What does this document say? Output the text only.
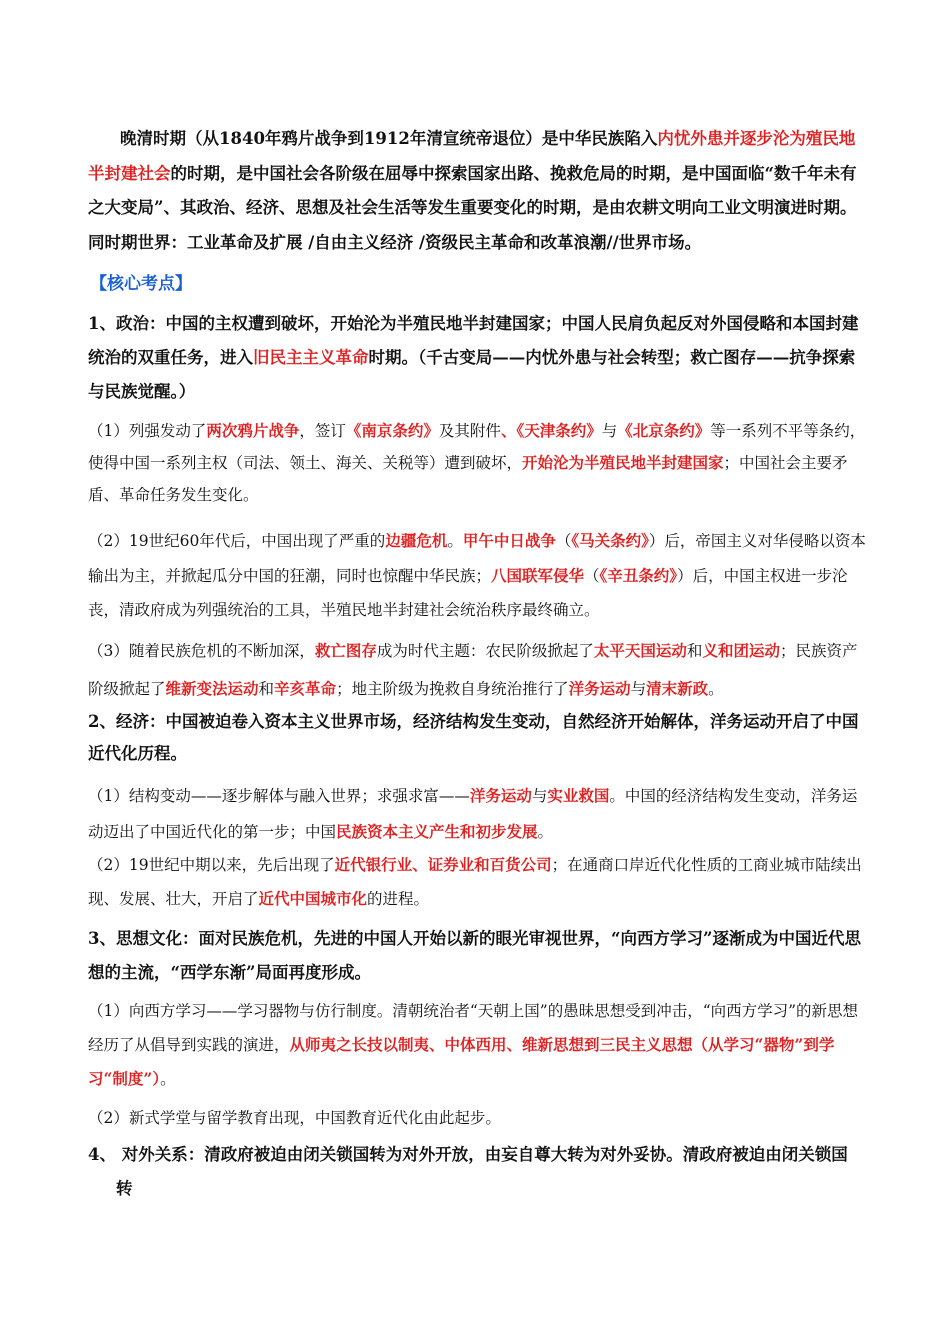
晚清时期（从1840年鸦片战争到1912年清宣统帝退位）是中华民族陷入内忧外患并逐步沦为殖民地半封建社会的时期，是中国社会各阶级在屈辱中探索国家出路、挽救危局的时期，是中国面临“数千年未有之大变局”、其政治、经济、思想及社会生活等发生重要变化的时期，是由农耕文明向工业文明演进时期。同时期世界：工业革命及扩展 /自由主义经济 /资级民主革命和改革浪潮//世界市场。

【核心考点】

1、政治：中国的主权遭到破坏，开始沦为半殖民地半封建国家；中国人民肩负起反对外国侵略和本国封建统治的双重任务，进入旧民主主义革命时期。（千古变局——内忧外患与社会转型；救亡图存——抗争探索与民族觉醒。）

（1）列强发动了两次鸦片战争，签订《南京条约》及其附件、《天津条约》与《北京条约》等一系列不平等条约，使得中国一系列主权（司法、领土、海关、关税等）遭到破坏，开始沦为半殖民地半封建国家；中国社会主要矛盾、革命任务发生变化。

（2）19世纪60年代后，中国出现了严重的边疆危机。甲午中日战争（《马关条约》）后，帝国主义对华侵略以资本输出为主，并掀起瓜分中国的狂潮，同时也惊醒中华民族；八国联军侵华（《辛丑条约》）后，中国主权进一步沦丧，清政府成为列强统治的工具，半殖民地半封建社会统治秩序最终确立。

（3）随着民族危机的不断加深，救亡图存成为时代主题：农民阶级掀起了太平天国运动和义和团运动；民族资产阶级掀起了维新变法运动和辛亥革命；地主阶级为挽救自身统治推行了洋务运动与清末新政。

2、经济：中国被迫卷入资本主义世界市场，经济结构发生变动，自然经济开始解体，洋务运动开启了中国近代化历程。

（1）结构变动——逐步解体与融入世界；求强求富——洋务运动与实业救国。中国的经济结构发生变动，洋务运动迈出了中国近代化的第一步；中国民族资本主义产生和初步发展。

（2）19世纪中期以来，先后出现了近代银行业、证券业和百货公司；在通商口岸近代化性质的工商业城市陆续出现、发展、壮大，开启了近代中国城市化的进程。

3、思想文化：面对民族危机，先进的中国人开始以新的眼光审视世界，“向西方学习”逐渐成为中国近代思想的主流，“西学东渐”局面再度形成。

（1）向西方学习——学习器物与仿行制度。清朝统治者“天朝上国”的愚昧思想受到冲击，“向西方学习”的新思想经历了从倡导到实践的演进，从师夷之长技以制夷、中体西用、维新思想到三民主义思想（从学习“器物”到学习“制度”）。

（2）新式学堂与留学教育出现，中国教育近代化由此起步。

4、 对外关系：清政府被迫由闭关锁国转为对外开放，由妄自尊大转为对外妥协。清政府被迫由闭关锁国
转
